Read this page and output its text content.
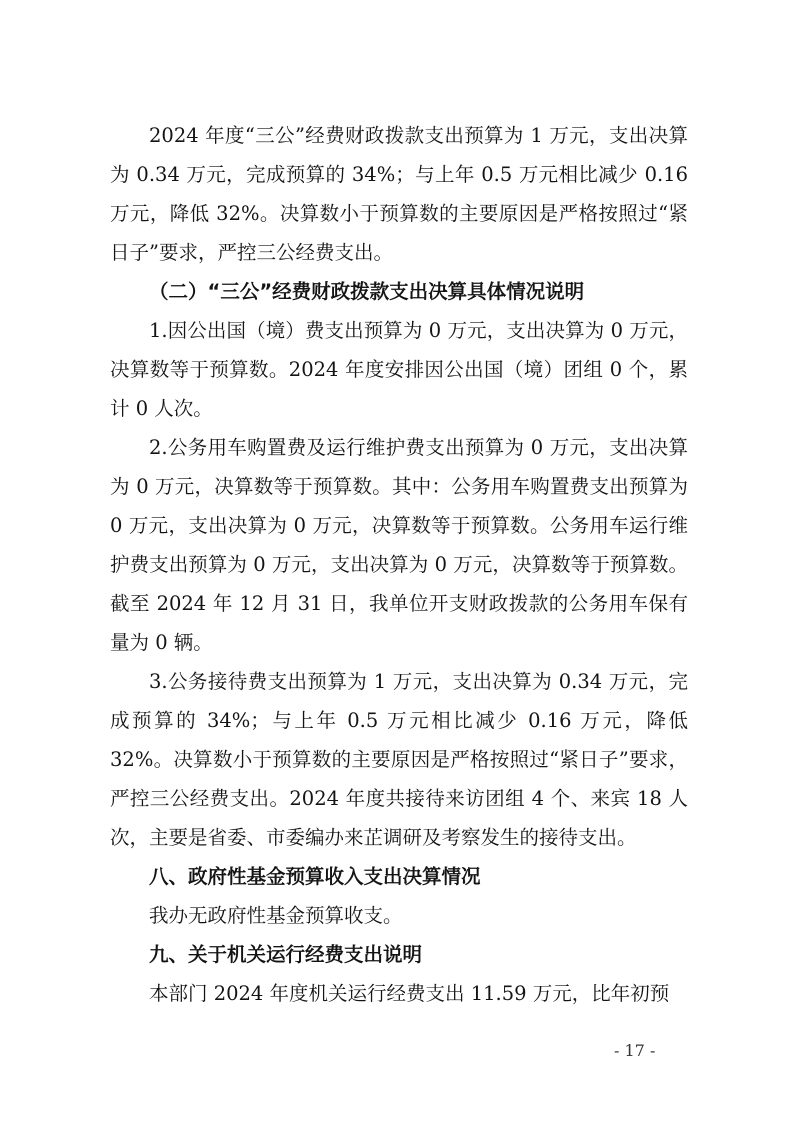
2024 年度“三公”经费财政拨款支出预算为 1 万元，支出决算为 0.34 万元，完成预算的 34%；与上年 0.5 万元相比减少 0.16 万元，降低 32%。决算数小于预算数的主要原因是严格按照过“紧日子”要求，严控三公经费支出。

（二）“三公”经费财政拨款支出决算具体情况说明

1.因公出国（境）费支出预算为 0 万元，支出决算为 0 万元，决算数等于预算数。2024 年度安排因公出国（境）团组 0 个，累计 0 人次。

2.公务用车购置费及运行维护费支出预算为 0 万元，支出决算为 0 万元，决算数等于预算数。其中：公务用车购置费支出预算为 0 万元，支出决算为 0 万元，决算数等于预算数。公务用车运行维护费支出预算为 0 万元，支出决算为 0 万元，决算数等于预算数。截至 2024 年 12 月 31 日，我单位开支财政拨款的公务用车保有量为 0 辆。

3.公务接待费支出预算为 1 万元，支出决算为 0.34 万元，完成预算的 34%；与上年 0.5 万元相比减少 0.16 万元，降低 32%。决算数小于预算数的主要原因是严格按照过“紧日子”要求，严控三公经费支出。2024 年度共接待来访团组 4 个、来宾 18 人次，主要是省委、市委编办来芷调研及考察发生的接待支出。

八、政府性基金预算收入支出决算情况

我办无政府性基金预算收支。

九、关于机关运行经费支出说明

本部门 2024 年度机关运行经费支出 11.59 万元，比年初预

- 17 -
